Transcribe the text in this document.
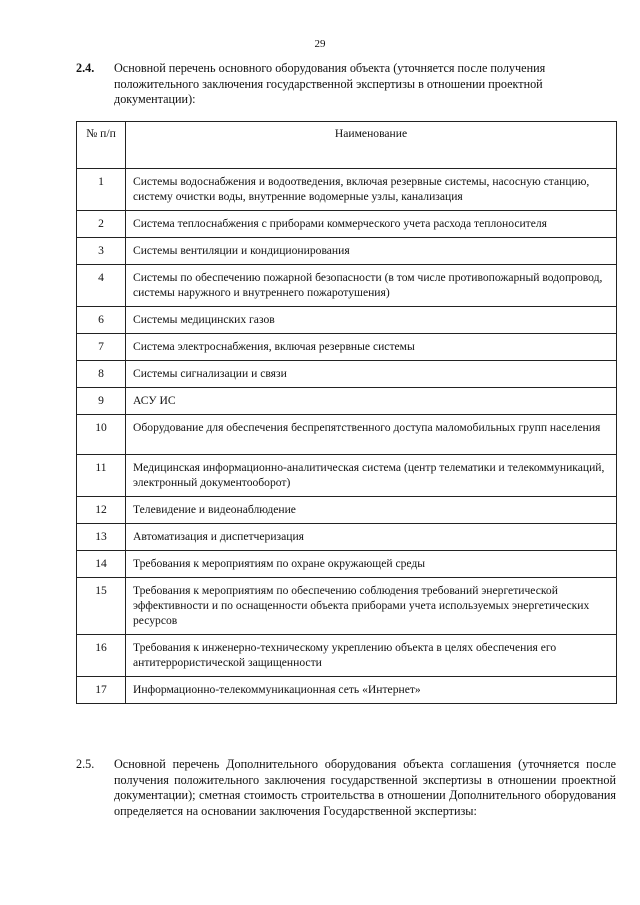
29
2.4. Основной перечень основного оборудования объекта (уточняется после получения положительного заключения государственной экспертизы в отношении проектной документации):
№ п/п	Наименование
1	Системы водоснабжения и водоотведения, включая резервные системы, насосную станцию, систему очистки воды, внутренние водомерные узлы, канализация
2	Система теплоснабжения с приборами коммерческого учета расхода теплоносителя
3	Системы вентиляции и кондиционирования
4	Системы по обеспечению пожарной безопасности (в том числе противопожарный водопровод, системы наружного и внутреннего пожаротушения)
6	Системы медицинских газов
7	Система электроснабжения, включая резервные системы
8	Системы сигнализации и связи
9	АСУ ИС
10	Оборудование для обеспечения беспрепятственного доступа маломобильных групп населения
11	Медицинская информационно-аналитическая система (центр телематики и телекоммуникаций, электронный документооборот)
12	Телевидение и видеонаблюдение
13	Автоматизация и диспетчеризация
14	Требования к мероприятиям по охране окружающей среды
15	Требования к мероприятиям по обеспечению соблюдения требований энергетической эффективности и по оснащенности объекта приборами учета используемых энергетических ресурсов
16	Требования к инженерно-техническому укреплению объекта в целях обеспечения его антитеррористической защищенности
17	Информационно-телекоммуникационная сеть «Интернет»
2.5. Основной перечень Дополнительного оборудования объекта соглашения (уточняется после получения положительного заключения государственной экспертизы в отношении проектной документации); сметная стоимость строительства в отношении Дополнительного оборудования определяется на основании заключения Государственной экспертизы:
